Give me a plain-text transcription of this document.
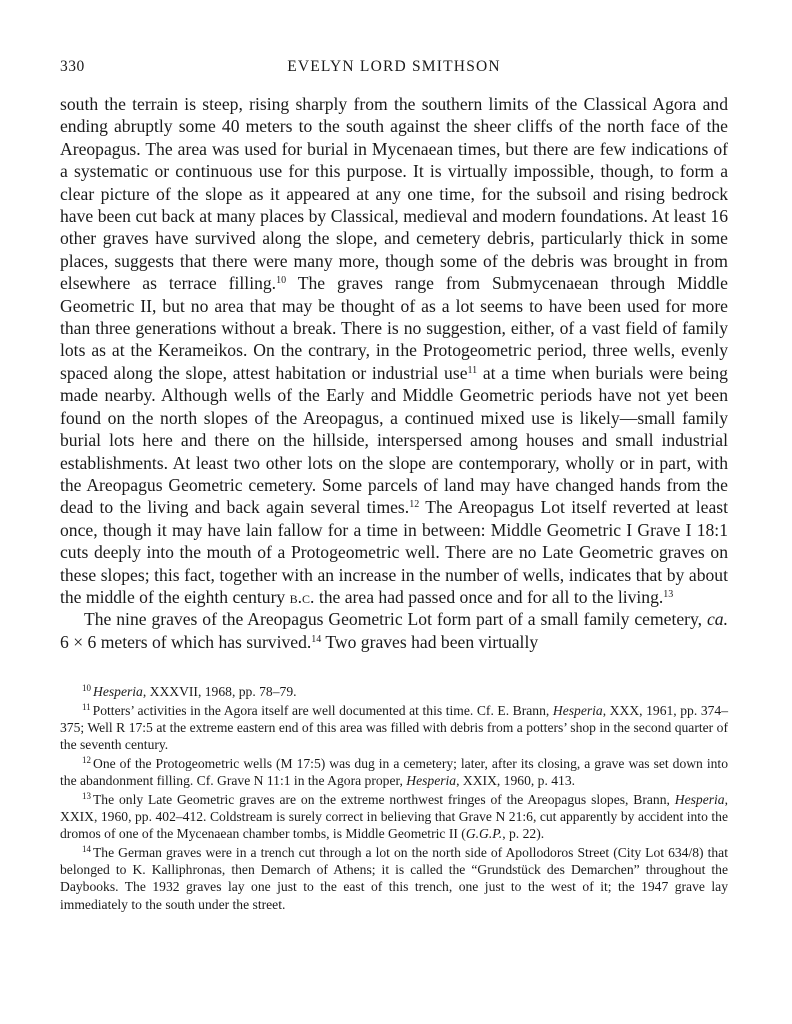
330	EVELYN LORD SMITHSON

south the terrain is steep, rising sharply from the southern limits of the Classical Agora and ending abruptly some 40 meters to the south against the sheer cliffs of the north face of the Areopagus. The area was used for burial in Mycenaean times, but there are few indications of a systematic or continuous use for this purpose. It is virtually impossible, though, to form a clear picture of the slope as it appeared at any one time, for the subsoil and rising bedrock have been cut back at many places by Classical, medieval and modern foundations. At least 16 other graves have survived along the slope, and cemetery debris, particularly thick in some places, suggests that there were many more, though some of the debris was brought in from elsewhere as terrace filling.$^{10}$ The graves range from Submycenaean through Middle Geometric II, but no area that may be thought of as a lot seems to have been used for more than three generations without a break. There is no suggestion, either, of a vast field of family lots as at the Kerameikos. On the contrary, in the Protogeometric period, three wells, evenly spaced along the slope, attest habitation or industrial use$^{11}$ at a time when burials were being made nearby. Although wells of the Early and Middle Geometric periods have not yet been found on the north slopes of the Areopagus, a continued mixed use is likely—small family burial lots here and there on the hillside, interspersed among houses and small industrial establishments. At least two other lots on the slope are contemporary, wholly or in part, with the Areopagus Geometric cemetery. Some parcels of land may have changed hands from the dead to the living and back again several times.$^{12}$ The Areopagus Lot itself reverted at least once, though it may have lain fallow for a time in between: Middle Geometric I Grave I 18:1 cuts deeply into the mouth of a Protogeometric well. There are no Late Geometric graves on these slopes; this fact, together with an increase in the number of wells, indicates that by about the middle of the eighth century b.c. the area had passed once and for all to the living.$^{13}$

The nine graves of the Areopagus Geometric Lot form part of a small family cemetery, ca. 6 × 6 meters of which has survived.$^{14}$ Two graves had been virtually

$^{10}$ Hesperia, XXXVII, 1968, pp. 78–79.

$^{11}$ Potters’ activities in the Agora itself are well documented at this time. Cf. E. Brann, Hesperia, XXX, 1961, pp. 374–375; Well R 17:5 at the extreme eastern end of this area was filled with debris from a potters’ shop in the second quarter of the seventh century.

$^{12}$ One of the Protogeometric wells (M 17:5) was dug in a cemetery; later, after its closing, a grave was set down into the abandonment filling. Cf. Grave N 11:1 in the Agora proper, Hesperia, XXIX, 1960, p. 413.

$^{13}$ The only Late Geometric graves are on the extreme northwest fringes of the Areopagus slopes, Brann, Hesperia, XXIX, 1960, pp. 402–412. Coldstream is surely correct in believing that Grave N 21:6, cut apparently by accident into the dromos of one of the Mycenaean chamber tombs, is Middle Geometric II (G.G.P., p. 22).

$^{14}$ The German graves were in a trench cut through a lot on the north side of Apollodoros Street (City Lot 634/8) that belonged to K. Kalliphronas, then Demarch of Athens; it is called the “Grundstück des Demarchen” throughout the Daybooks. The 1932 graves lay one just to the east of this trench, one just to the west of it; the 1947 grave lay immediately to the south under the street.
